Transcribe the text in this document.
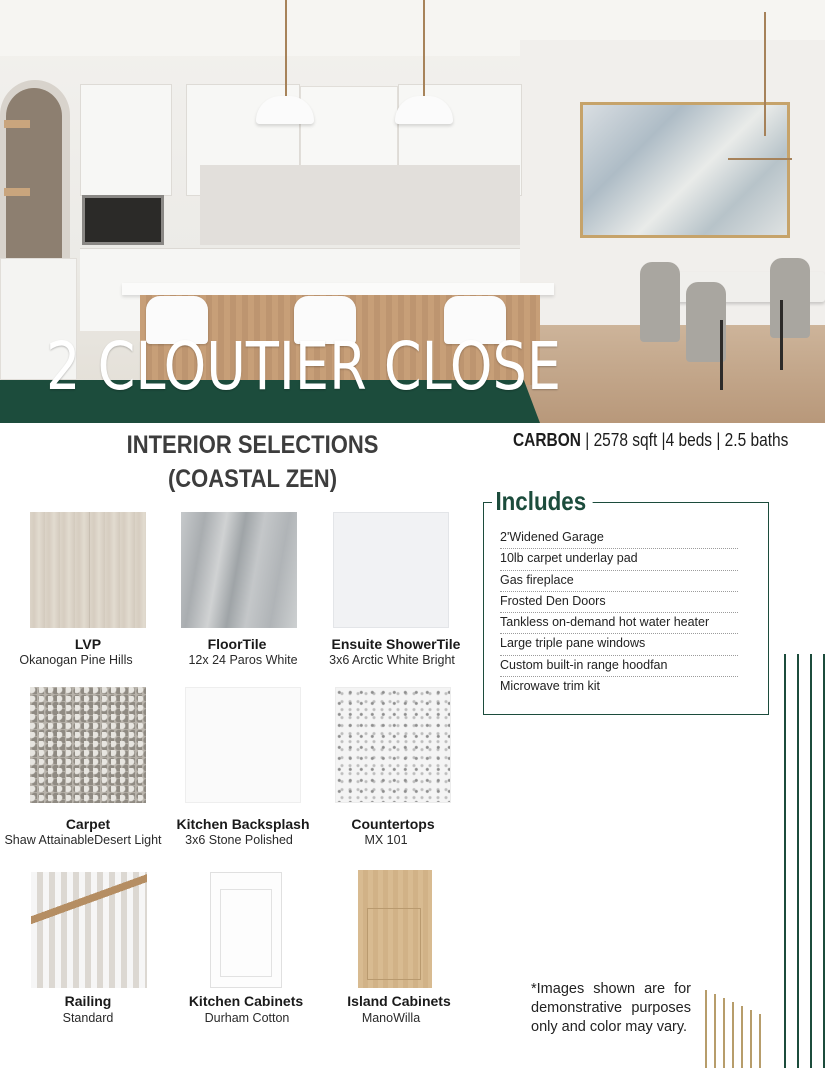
2 CLOUTIER CLOSE
INTERIOR SELECTIONS
(COASTAL ZEN)
LVP
Okanogan Pine Hills
FloorTile
12x 24 Paros White
Ensuite ShowerTile
3x6 Arctic White Bright
Carpet
Shaw AttainableDesert Light
Kitchen Backsplash
3x6 Stone Polished
Countertops
MX 101
Railing
Standard
Kitchen Cabinets
Durham Cotton
Island Cabinets
ManoWilla

CARBON | 2578 sqft |4 beds | 2.5 baths

Includes
2'Widened Garage
10lb carpet underlay pad
Gas fireplace
Frosted Den Doors
Tankless on-demand hot water heater
Large triple pane windows
Custom built-in range hoodfan
Microwave trim kit

*Images shown are for demonstrative purposes only and color may vary.
